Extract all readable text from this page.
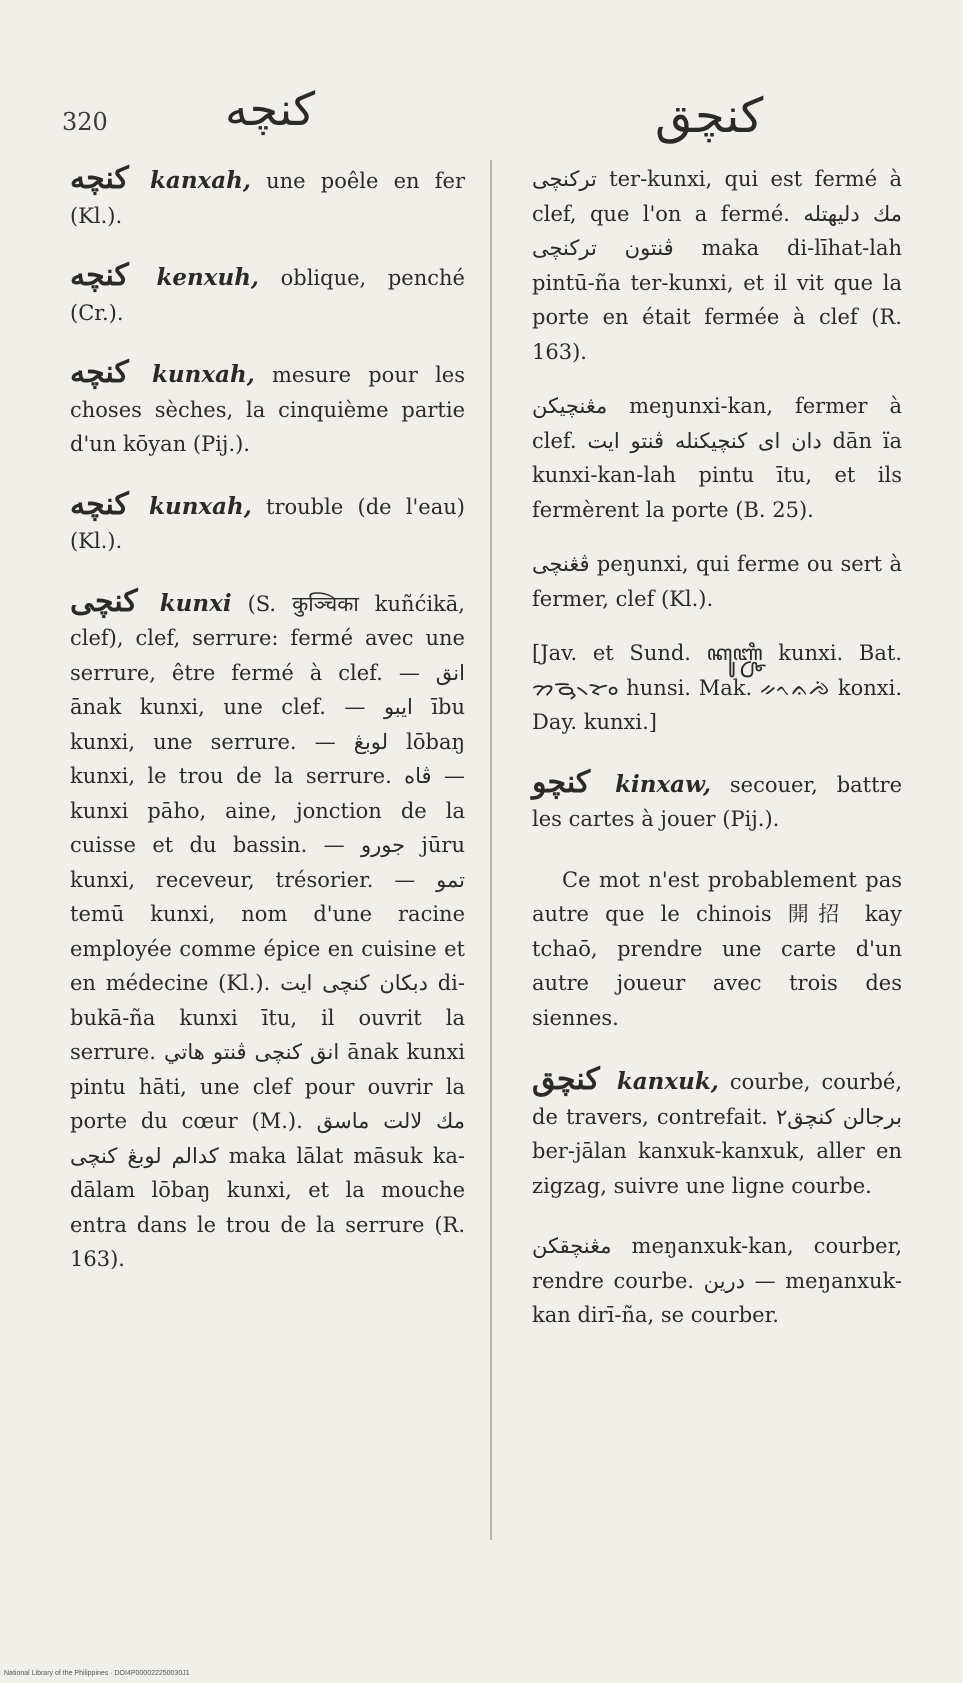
320	کنچه	کنچق
کنچه kanxah, une poêle en fer (Kl.).
کنچه kenxuh, oblique, penché (Cr.).
کنچه kunxah, mesure pour les choses sèches, la cinquième partie d'un kōyan (Pij.).
کنچه kunxah, trouble (de l'eau) (Kl.).
کنچی kunxi (S. कुञ्चिका kuñćikā, clef), clef, serrure: fermé avec une serrure, être fermé à clef. — انق ānak kunxi, une clef. — ايبو ību kunxi, une serrure. — لوبڠ lōbaŋ kunxi, le trou de la serrure. ڤاه — kunxi pāho, aine, jonction de la cuisse et du bassin. — جورو jūru kunxi, receveur, trésorier. — تمو temū kunxi, nom d'une racine employée comme épice en cuisine et en médecine (Kl.). دبکان کنچی ايت di-bukā-ña kunxi ītu, il ouvrit la serrure. انق کنچی ڤنتو هاتي ānak kunxi pintu hāti, une clef pour ouvrir la porte du cœur (M.). مك لالت ماسق کدالم لوبڠ کنچی maka lālat māsuk ka-dālam lōbaŋ kunxi, et la mouche entra dans le trou de la serrure (R. 163).
ترکنچی ter-kunxi, qui est fermé à clef, que l'on a fermé. مك دليهتله ڤنتون ترکنچی maka di-līhat-lah pintū-ña ter-kunxi, et il vit que la porte en était fermée à clef (R. 163).
مڠنچيکن meŋunxi-kan, fermer à clef. دان اى کنچيکنله ڤنتو ايت dān ïa kunxi-kan-lah pintu ītu, et ils fermèrent la porte (B. 25).
ڤڠنچی peŋunxi, qui ferme ou sert à fermer, clef (Kl.).
[Jav. et Sund. ꦏꦸꦚ꧀ꦕꦶ kunxi. Bat. ᯂᯮᯉ᯲ᯘᯪ hunsi. Mak. ᨀᨚᨊᨌᨗ konxi. Day. kunxi.]
کنچو kinxaw, secouer, battre les cartes à jouer (Pij.).
Ce mot n'est probablement pas autre que le chinois 開招 kay tchaō, prendre une carte d'un autre joueur avec trois des siennes.
کنچق kanxuk, courbe, courbé, de travers, contrefait. برجالن کنچق٢ ber-jālan kanxuk-kanxuk, aller en zigzag, suivre une ligne courbe.
مڠنچقکن meŋanxuk-kan, courber, rendre courbe. درين — meŋanxuk-kan dirī-ña, se courber.
National Library of the Philippines · DOI4P000022250030J1
